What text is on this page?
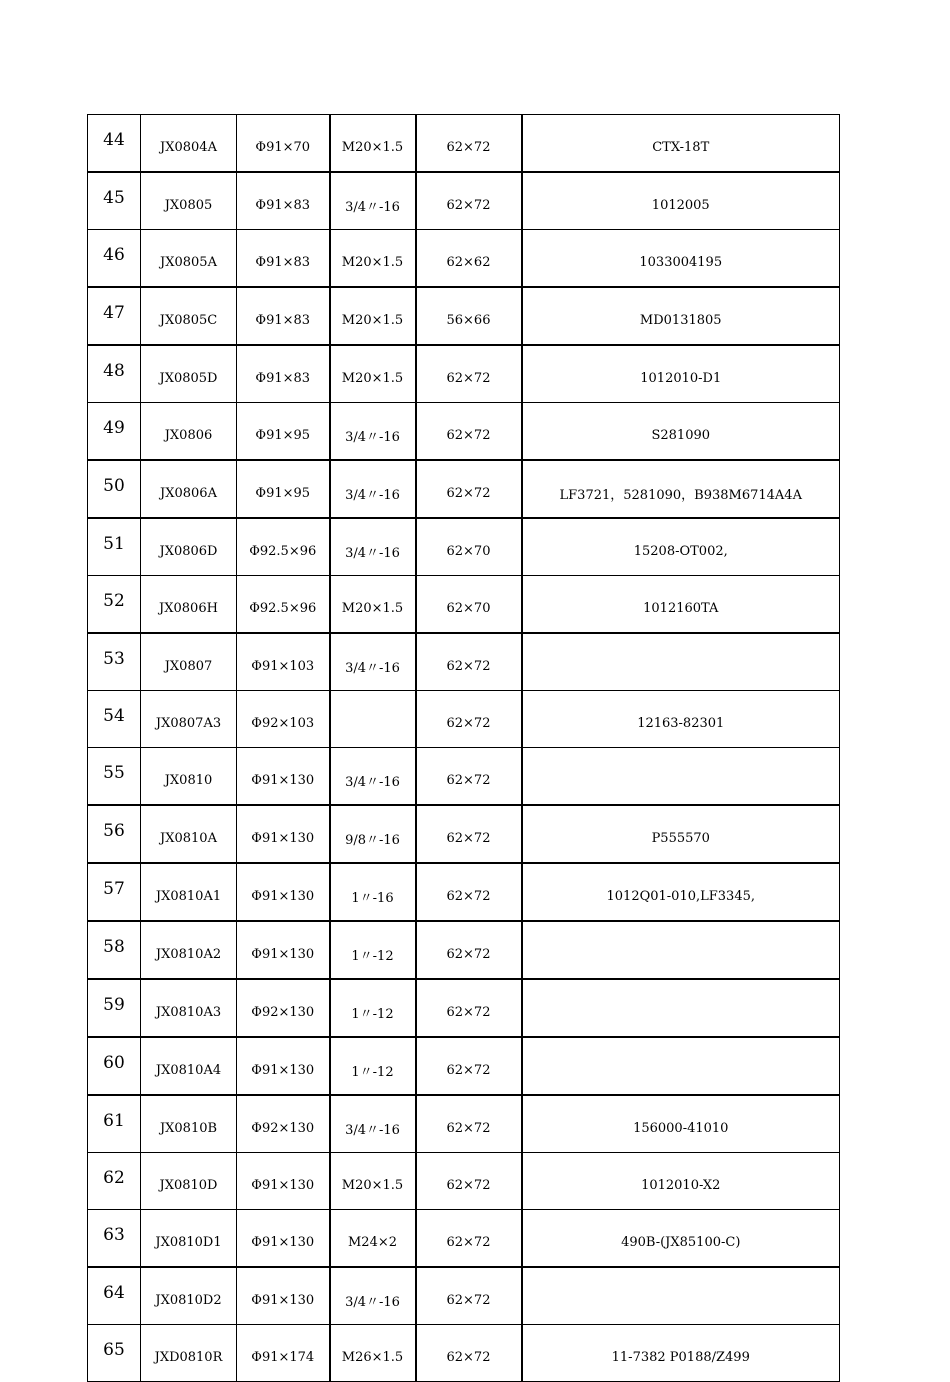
44	JX0804A	Φ91×70	M20×1.5	62×72	CTX-18T
45	JX0805	Φ91×83	3/4〃-16	62×72	1012005
46	JX0805A	Φ91×83	M20×1.5	62×62	1033004195
47	JX0805C	Φ91×83	M20×1.5	56×66	MD0131805
48	JX0805D	Φ91×83	M20×1.5	62×72	1012010-D1
49	JX0806	Φ91×95	3/4〃-16	62×72	S281090
50	JX0806A	Φ91×95	3/4〃-16	62×72	LF3721，5281090，B938M6714A4A
51	JX0806D	Φ92.5×96	3/4〃-16	62×70	15208-OT002,
52	JX0806H	Φ92.5×96	M20×1.5	62×70	1012160TA
53	JX0807	Φ91×103	3/4〃-16	62×72	
54	JX0807A3	Φ92×103		62×72	12163-82301
55	JX0810	Φ91×130	3/4〃-16	62×72	
56	JX0810A	Φ91×130	9/8〃-16	62×72	P555570
57	JX0810A1	Φ91×130	1〃-16	62×72	1012Q01-010,LF3345,
58	JX0810A2	Φ91×130	1〃-12	62×72	
59	JX0810A3	Φ92×130	1〃-12	62×72	
60	JX0810A4	Φ91×130	1〃-12	62×72	
61	JX0810B	Φ92×130	3/4〃-16	62×72	156000-41010
62	JX0810D	Φ91×130	M20×1.5	62×72	1012010-X2
63	JX0810D1	Φ91×130	M24×2	62×72	490B-(JX85100-C)
64	JX0810D2	Φ91×130	3/4〃-16	62×72	
65	JXD0810R	Φ91×174	M26×1.5	62×72	11-7382 P0188/Z499
